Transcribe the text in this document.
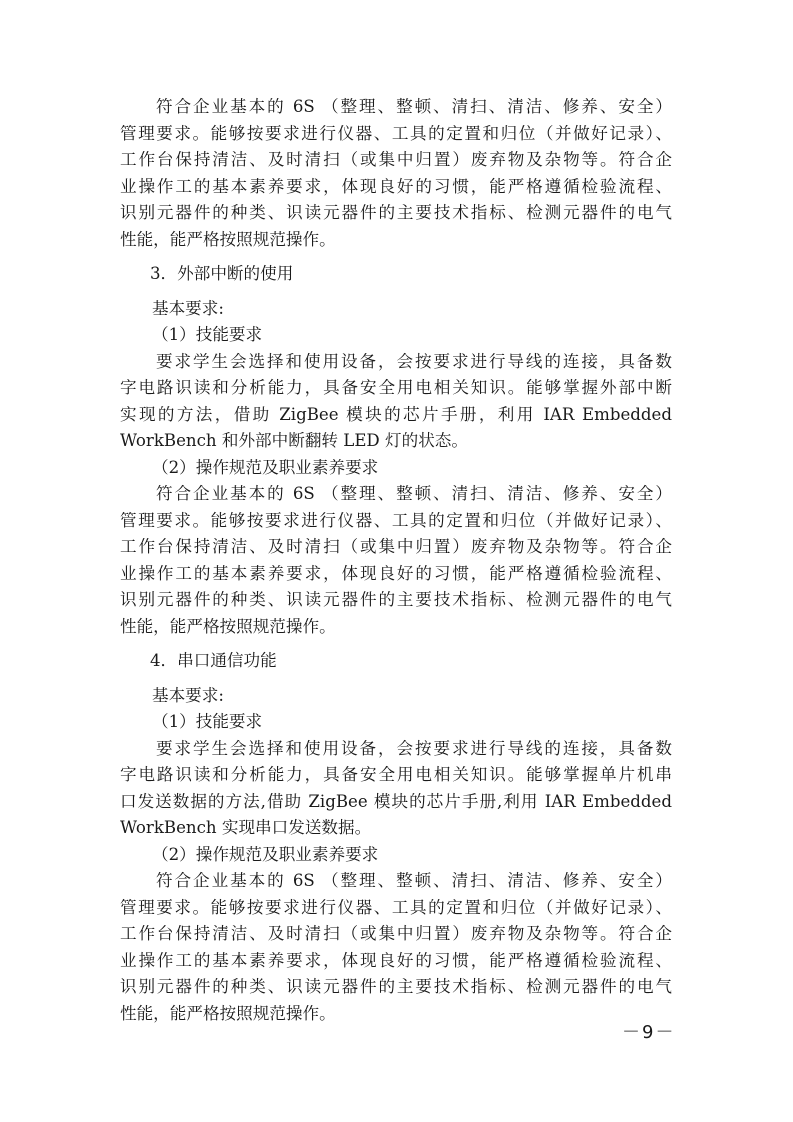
符合企业基本的 6S （整理、整顿、清扫、清洁、修养、安全）
管理要求。能够按要求进行仪器、工具的定置和归位（并做好记录）、
工作台保持清洁、及时清扫（或集中归置）废弃物及杂物等。符合企
业操作工的基本素养要求，体现良好的习惯，能严格遵循检验流程、
识别元器件的种类、识读元器件的主要技术指标、检测元器件的电气
性能，能严格按照规范操作。

3．外部中断的使用

基本要求:

（1）技能要求

要求学生会选择和使用设备，会按要求进行导线的连接，具备数
字电路识读和分析能力，具备安全用电相关知识。能够掌握外部中断
实现的方法，借助 ZigBee 模块的芯片手册，利用 IAR Embedded
WorkBench 和外部中断翻转 LED 灯的状态。

（2）操作规范及职业素养要求

符合企业基本的 6S （整理、整顿、清扫、清洁、修养、安全）
管理要求。能够按要求进行仪器、工具的定置和归位（并做好记录）、
工作台保持清洁、及时清扫（或集中归置）废弃物及杂物等。符合企
业操作工的基本素养要求，体现良好的习惯，能严格遵循检验流程、
识别元器件的种类、识读元器件的主要技术指标、检测元器件的电气
性能，能严格按照规范操作。

4．串口通信功能

基本要求:

（1）技能要求

要求学生会选择和使用设备，会按要求进行导线的连接，具备数
字电路识读和分析能力，具备安全用电相关知识。能够掌握单片机串
口发送数据的方法,借助 ZigBee 模块的芯片手册,利用 IAR Embedded
WorkBench 实现串口发送数据。

（2）操作规范及职业素养要求

符合企业基本的 6S （整理、整顿、清扫、清洁、修养、安全）
管理要求。能够按要求进行仪器、工具的定置和归位（并做好记录）、
工作台保持清洁、及时清扫（或集中归置）废弃物及杂物等。符合企
业操作工的基本素养要求，体现良好的习惯，能严格遵循检验流程、
识别元器件的种类、识读元器件的主要技术指标、检测元器件的电气
性能，能严格按照规范操作。

－9－
